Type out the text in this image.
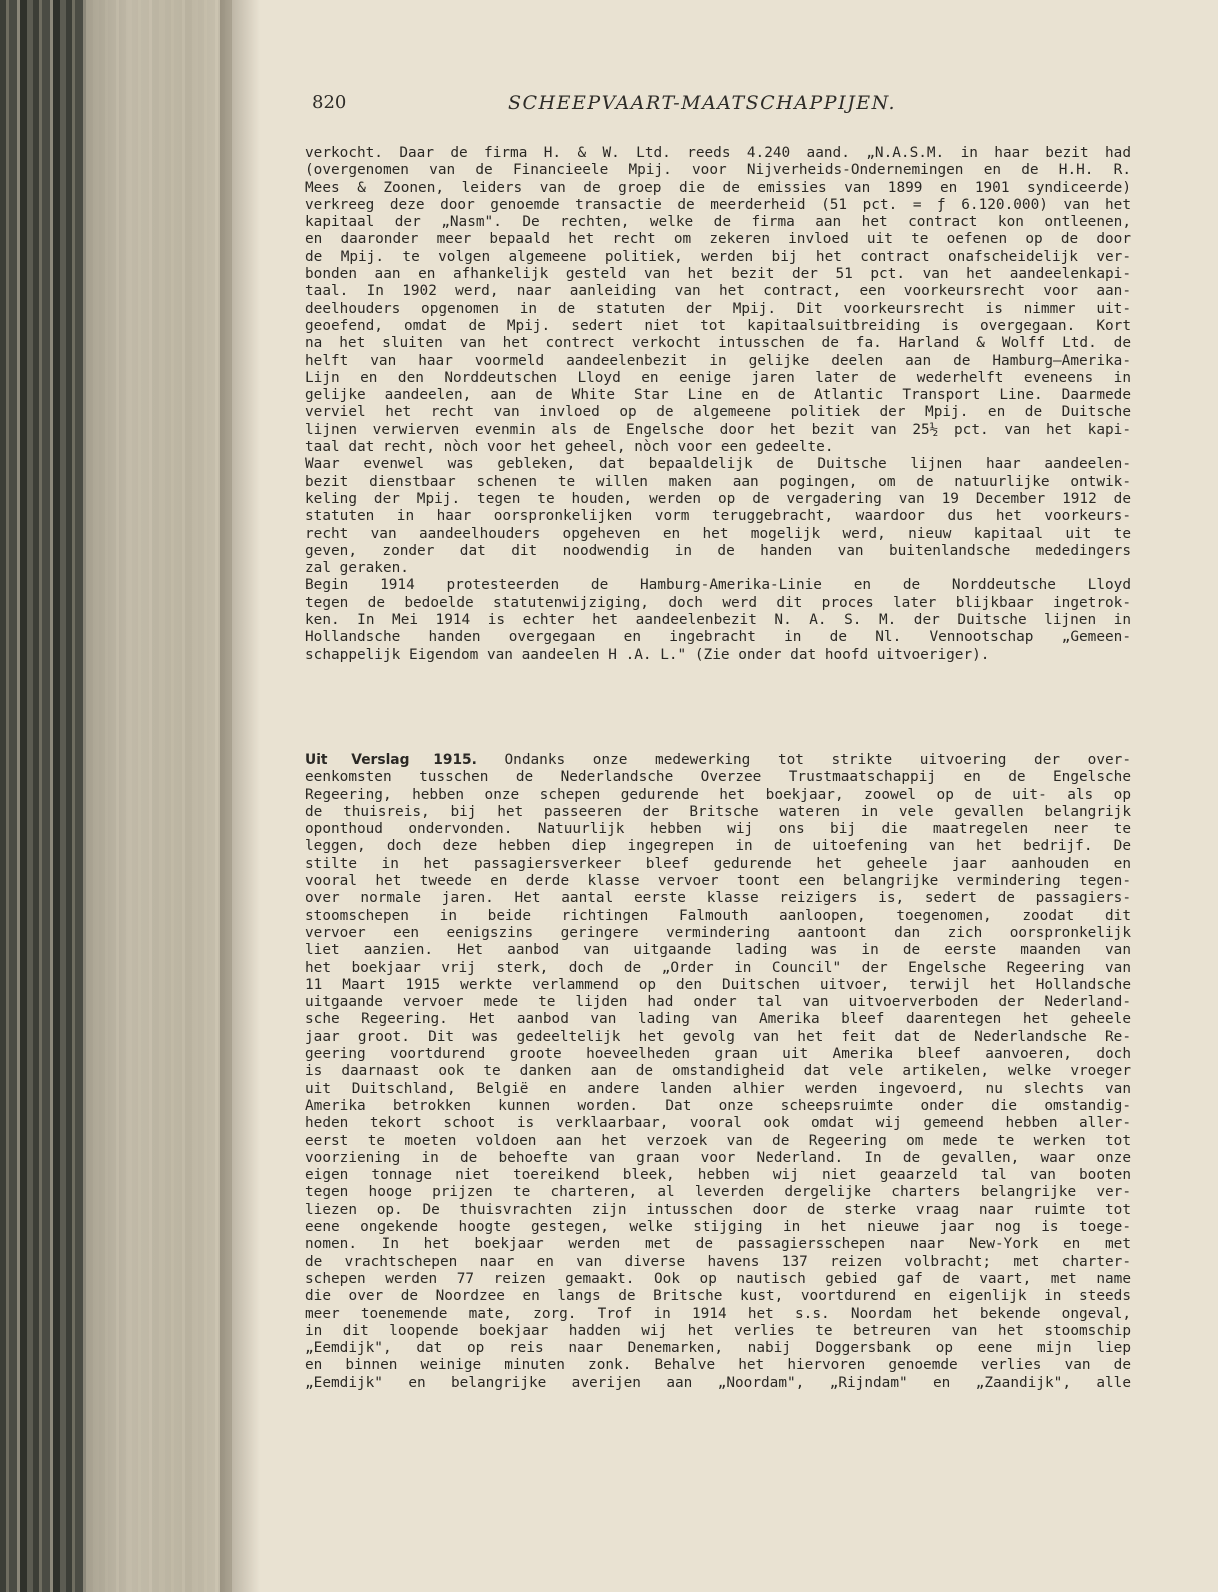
820	SCHEEPVAART-MAATSCHAPPIJEN.

verkocht. Daar de firma H. & W. Ltd. reeds 4.240 aand. „N.A.S.M. in haar bezit had

(overgenomen van de Financieele Mpij. voor Nijverheids-Ondernemingen en de H.H. R.

Mees & Zoonen, leiders van de groep die de emissies van 1899 en 1901 syndiceerde)

verkreeg deze door genoemde transactie de meerderheid (51 pct. = ƒ 6.120.000) van het

kapitaal der „Nasm". De rechten, welke de firma aan het contract kon ontleenen,

en daaronder meer bepaald het recht om zekeren invloed uit te oefenen op de door

de Mpij. te volgen algemeene politiek, werden bij het contract onafscheidelijk ver-

bonden aan en afhankelijk gesteld van het bezit der 51 pct. van het aandeelenkapi-

taal. In 1902 werd, naar aanleiding van het contract, een voorkeursrecht voor aan-

deelhouders opgenomen in de statuten der Mpij. Dit voorkeursrecht is nimmer uit-

geoefend, omdat de Mpij. sedert niet tot kapitaalsuitbreiding is overgegaan. Kort

na het sluiten van het contrect verkocht intusschen de fa. Harland & Wolff Ltd. de

helft van haar voormeld aandeelenbezit in gelijke deelen aan de Hamburg—Amerika-

Lijn en den Norddeutschen Lloyd en eenige jaren later de wederhelft eveneens in

gelijke aandeelen, aan de White Star Line en de Atlantic Transport Line. Daarmede

verviel het recht van invloed op de algemeene politiek der Mpij. en de Duitsche

lijnen verwierven evenmin als de Engelsche door het bezit van 25½ pct. van het kapi-

taal dat recht, nòch voor het geheel, nòch voor een gedeelte.

Waar evenwel was gebleken, dat bepaaldelijk de Duitsche lijnen haar aandeelen-

bezit dienstbaar schenen te willen maken aan pogingen, om de natuurlijke ontwik-

keling der Mpij. tegen te houden, werden op de vergadering van 19 December 1912 de

statuten in haar oorspronkelijken vorm teruggebracht, waardoor dus het voorkeurs-

recht van aandeelhouders opgeheven en het mogelijk werd, nieuw kapitaal uit te

geven, zonder dat dit noodwendig in de handen van buitenlandsche mededingers

zal geraken.

Begin 1914 protesteerden de Hamburg-Amerika-Linie en de Norddeutsche Lloyd

tegen de bedoelde statutenwijziging, doch werd dit proces later blijkbaar ingetrok-

ken. In Mei 1914 is echter het aandeelenbezit N. A. S. M. der Duitsche lijnen in

Hollandsche handen overgegaan en ingebracht in de Nl. Vennootschap „Gemeen-

schappelijk Eigendom van aandeelen H .A. L." (Zie onder dat hoofd uitvoeriger).

Uit Verslag 1915. Ondanks onze medewerking tot strikte uitvoering der over-

eenkomsten tusschen de Nederlandsche Overzee Trustmaatschappij en de Engelsche

Regeering, hebben onze schepen gedurende het boekjaar, zoowel op de uit- als op

de thuisreis, bij het passeeren der Britsche wateren in vele gevallen belangrijk

oponthoud ondervonden. Natuurlijk hebben wij ons bij die maatregelen neer te

leggen, doch deze hebben diep ingegrepen in de uitoefening van het bedrijf. De

stilte in het passagiersverkeer bleef gedurende het geheele jaar aanhouden en

vooral het tweede en derde klasse vervoer toont een belangrijke vermindering tegen-

over normale jaren. Het aantal eerste klasse reizigers is, sedert de passagiers-

stoomschepen in beide richtingen Falmouth aanloopen, toegenomen, zoodat dit

vervoer een eenigszins geringere vermindering aantoont dan zich oorspronkelijk

liet aanzien. Het aanbod van uitgaande lading was in de eerste maanden van

het boekjaar vrij sterk, doch de „Order in Council" der Engelsche Regeering van

11 Maart 1915 werkte verlammend op den Duitschen uitvoer, terwijl het Hollandsche

uitgaande vervoer mede te lijden had onder tal van uitvoerverboden der Nederland-

sche Regeering. Het aanbod van lading van Amerika bleef daarentegen het geheele

jaar groot. Dit was gedeeltelijk het gevolg van het feit dat de Nederlandsche Re-

geering voortdurend groote hoeveelheden graan uit Amerika bleef aanvoeren, doch

is daarnaast ook te danken aan de omstandigheid dat vele artikelen, welke vroeger

uit Duitschland, België en andere landen alhier werden ingevoerd, nu slechts van

Amerika betrokken kunnen worden. Dat onze scheepsruimte onder die omstandig-

heden tekort schoot is verklaarbaar, vooral ook omdat wij gemeend hebben aller-

eerst te moeten voldoen aan het verzoek van de Regeering om mede te werken tot

voorziening in de behoefte van graan voor Nederland. In de gevallen, waar onze

eigen tonnage niet toereikend bleek, hebben wij niet geaarzeld tal van booten

tegen hooge prijzen te charteren, al leverden dergelijke charters belangrijke ver-

liezen op. De thuisvrachten zijn intusschen door de sterke vraag naar ruimte tot

eene ongekende hoogte gestegen, welke stijging in het nieuwe jaar nog is toege-

nomen. In het boekjaar werden met de passagiersschepen naar New-York en met

de vrachtschepen naar en van diverse havens 137 reizen volbracht; met charter-

schepen werden 77 reizen gemaakt. Ook op nautisch gebied gaf de vaart, met name

die over de Noordzee en langs de Britsche kust, voortdurend en eigenlijk in steeds

meer toenemende mate, zorg. Trof in 1914 het s.s. Noordam het bekende ongeval,

in dit loopende boekjaar hadden wij het verlies te betreuren van het stoomschip

„Eemdijk", dat op reis naar Denemarken, nabij Doggersbank op eene mijn liep

en binnen weinige minuten zonk. Behalve het hiervoren genoemde verlies van de

„Eemdijk" en belangrijke averijen aan „Noordam", „Rijndam" en „Zaandijk", alle
